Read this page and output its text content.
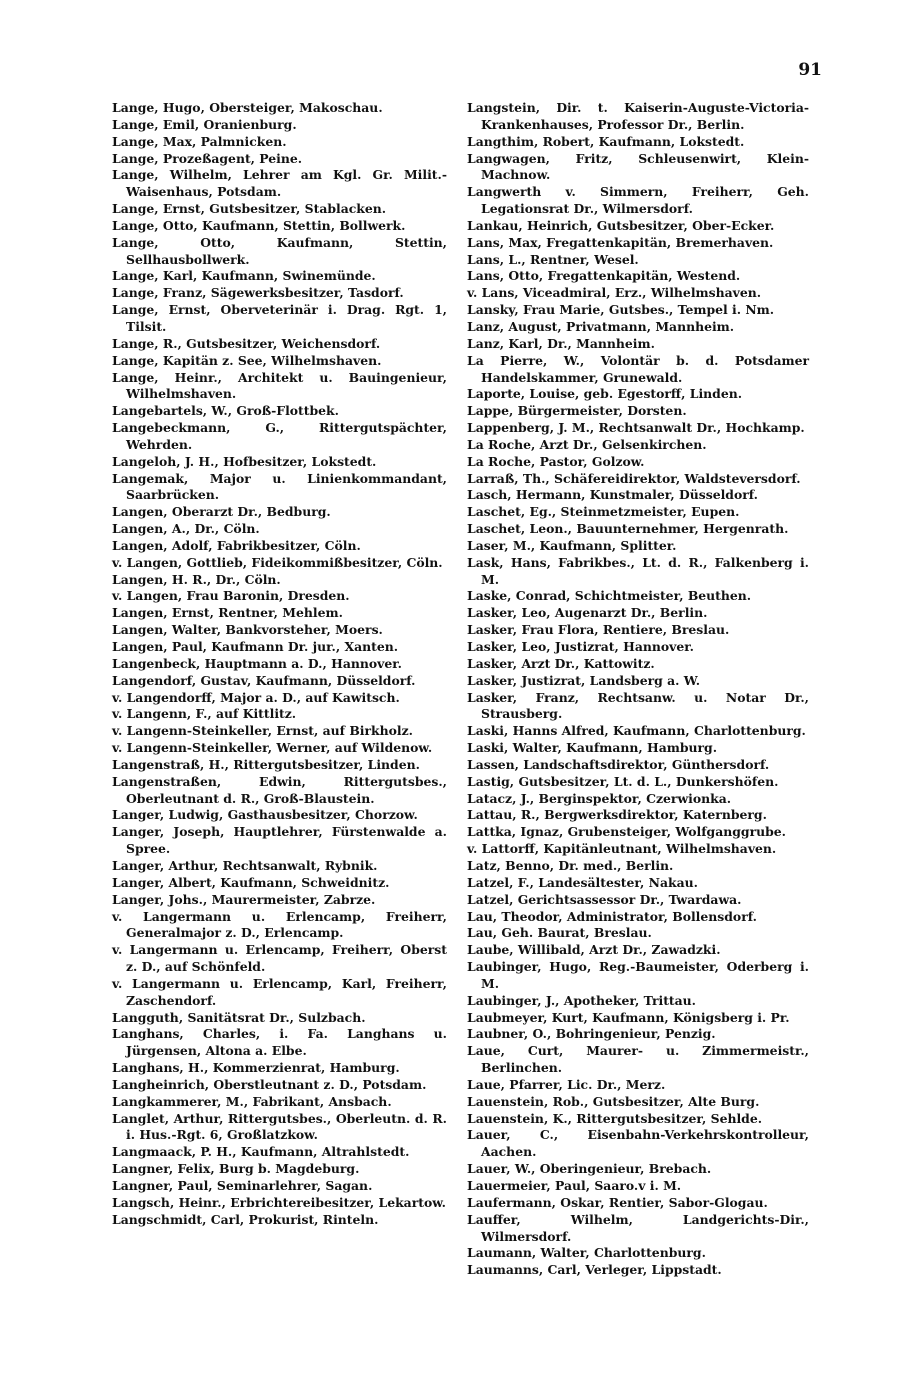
91

Lange, Hugo, Obersteiger, Makoschau.

Lange, Emil, Oranienburg.

Lange, Max, Palmnicken.

Lange, Prozeßagent, Peine.

Lange, Wilhelm, Lehrer am Kgl. Gr. Milit.-Waisenhaus, Potsdam.

Lange, Ernst, Gutsbesitzer, Stablacken.

Lange, Otto, Kaufmann, Stettin, Bollwerk.

Lange, Otto, Kaufmann, Stettin, Sellhausbollwerk.

Lange, Karl, Kaufmann, Swinemünde.

Lange, Franz, Sägewerksbesitzer, Tasdorf.

Lange, Ernst, Oberveterinär i. Drag. Rgt. 1, Tilsit.

Lange, R., Gutsbesitzer, Weichensdorf.

Lange, Kapitän z. See, Wilhelmshaven.

Lange, Heinr., Architekt u. Bauingenieur, Wilhelmshaven.

Langebartels, W., Groß-Flottbek.

Langebeckmann, G., Rittergutspächter, Wehrden.

Langeloh, J. H., Hofbesitzer, Lokstedt.

Langemak, Major u. Linienkommandant, Saarbrücken.

Langen, Oberarzt Dr., Bedburg.

Langen, A., Dr., Cöln.

Langen, Adolf, Fabrikbesitzer, Cöln.

v. Langen, Gottlieb, Fideikommißbesitzer, Cöln.

Langen, H. R., Dr., Cöln.

v. Langen, Frau Baronin, Dresden.

Langen, Ernst, Rentner, Mehlem.

Langen, Walter, Bankvorsteher, Moers.

Langen, Paul, Kaufmann Dr. jur., Xanten.

Langenbeck, Hauptmann a. D., Hannover.

Langendorf, Gustav, Kaufmann, Düsseldorf.

v. Langendorff, Major a. D., auf Kawitsch.

v. Langenn, F., auf Kittlitz.

v. Langenn-Steinkeller, Ernst, auf Birkholz.

v. Langenn-Steinkeller, Werner, auf Wildenow.

Langenstraß, H., Rittergutsbesitzer, Linden.

Langenstraßen, Edwin, Rittergutsbes., Oberleutnant d. R., Groß-Blaustein.

Langer, Ludwig, Gasthausbesitzer, Chorzow.

Langer, Joseph, Hauptlehrer, Fürstenwalde a. Spree.

Langer, Arthur, Rechtsanwalt, Rybnik.

Langer, Albert, Kaufmann, Schweidnitz.

Langer, Johs., Maurermeister, Zabrze.

v. Langermann u. Erlencamp, Freiherr, Generalmajor z. D., Erlencamp.

v. Langermann u. Erlencamp, Freiherr, Oberst z. D., auf Schönfeld.

v. Langermann u. Erlencamp, Karl, Freiherr, Zaschendorf.

Langguth, Sanitätsrat Dr., Sulzbach.

Langhans, Charles, i. Fa. Langhans u. Jürgensen, Altona a. Elbe.

Langhans, H., Kommerzienrat, Hamburg.

Langheinrich, Oberstleutnant z. D., Potsdam.

Langkammerer, M., Fabrikant, Ansbach.

Langlet, Arthur, Rittergutsbes., Oberleutn. d. R. i. Hus.-Rgt. 6, Großlatzkow.

Langmaack, P. H., Kaufmann, Altrahlstedt.

Langner, Felix, Burg b. Magdeburg.

Langner, Paul, Seminarlehrer, Sagan.

Langsch, Heinr., Erbrichtereibesitzer, Lekartow.

Langschmidt, Carl, Prokurist, Rinteln.

Langstein, Dir. t. Kaiserin-Auguste-Victoria-Krankenhauses, Professor Dr., Berlin.

Langthim, Robert, Kaufmann, Lokstedt.

Langwagen, Fritz, Schleusenwirt, Klein-Machnow.

Langwerth v. Simmern, Freiherr, Geh. Legationsrat Dr., Wilmersdorf.

Lankau, Heinrich, Gutsbesitzer, Ober-Ecker.

Lans, Max, Fregattenkapitän, Bremerhaven.

Lans, L., Rentner, Wesel.

Lans, Otto, Fregattenkapitän, Westend.

v. Lans, Viceadmiral, Erz., Wilhelmshaven.

Lansky, Frau Marie, Gutsbes., Tempel i. Nm.

Lanz, August, Privatmann, Mannheim.

Lanz, Karl, Dr., Mannheim.

La Pierre, W., Volontär b. d. Potsdamer Handelskammer, Grunewald.

Laporte, Louise, geb. Egestorff, Linden.

Lappe, Bürgermeister, Dorsten.

Lappenberg, J. M., Rechtsanwalt Dr., Hochkamp.

La Roche, Arzt Dr., Gelsenkirchen.

La Roche, Pastor, Golzow.

Larraß, Th., Schäfereidirektor, Waldsteversdorf.

Lasch, Hermann, Kunstmaler, Düsseldorf.

Laschet, Eg., Steinmetzmeister, Eupen.

Laschet, Leon., Bauunternehmer, Hergenrath.

Laser, M., Kaufmann, Splitter.

Lask, Hans, Fabrikbes., Lt. d. R., Falkenberg i. M.

Laske, Conrad, Schichtmeister, Beuthen.

Lasker, Leo, Augenarzt Dr., Berlin.

Lasker, Frau Flora, Rentiere, Breslau.

Lasker, Leo, Justizrat, Hannover.

Lasker, Arzt Dr., Kattowitz.

Lasker, Justizrat, Landsberg a. W.

Lasker, Franz, Rechtsanw. u. Notar Dr., Strausberg.

Laski, Hanns Alfred, Kaufmann, Charlottenburg.

Laski, Walter, Kaufmann, Hamburg.

Lassen, Landschaftsdirektor, Günthersdorf.

Lastig, Gutsbesitzer, Lt. d. L., Dunkershöfen.

Latacz, J., Berginspektor, Czerwionka.

Lattau, R., Bergwerksdirektor, Katernberg.

Lattka, Ignaz, Grubensteiger, Wolfganggrube.

v. Lattorff, Kapitänleutnant, Wilhelmshaven.

Latz, Benno, Dr. med., Berlin.

Latzel, F., Landesältester, Nakau.

Latzel, Gerichtsassessor Dr., Twardawa.

Lau, Theodor, Administrator, Bollensdorf.

Lau, Geh. Baurat, Breslau.

Laube, Willibald, Arzt Dr., Zawadzki.

Laubinger, Hugo, Reg.-Baumeister, Oderberg i. M.

Laubinger, J., Apotheker, Trittau.

Laubmeyer, Kurt, Kaufmann, Königsberg i. Pr.

Laubner, O., Bohringenieur, Penzig.

Laue, Curt, Maurer- u. Zimmermeistr., Berlinchen.

Laue, Pfarrer, Lic. Dr., Merz.

Lauenstein, Rob., Gutsbesitzer, Alte Burg.

Lauenstein, K., Rittergutsbesitzer, Sehlde.

Lauer, C., Eisenbahn-Verkehrskontrolleur, Aachen.

Lauer, W., Oberingenieur, Brebach.

Lauermeier, Paul, Saaro.v i. M.

Laufermann, Oskar, Rentier, Sabor-Glogau.

Lauffer, Wilhelm, Landgerichts-Dir., Wilmersdorf.

Laumann, Walter, Charlottenburg.

Laumanns, Carl, Verleger, Lippstadt.
